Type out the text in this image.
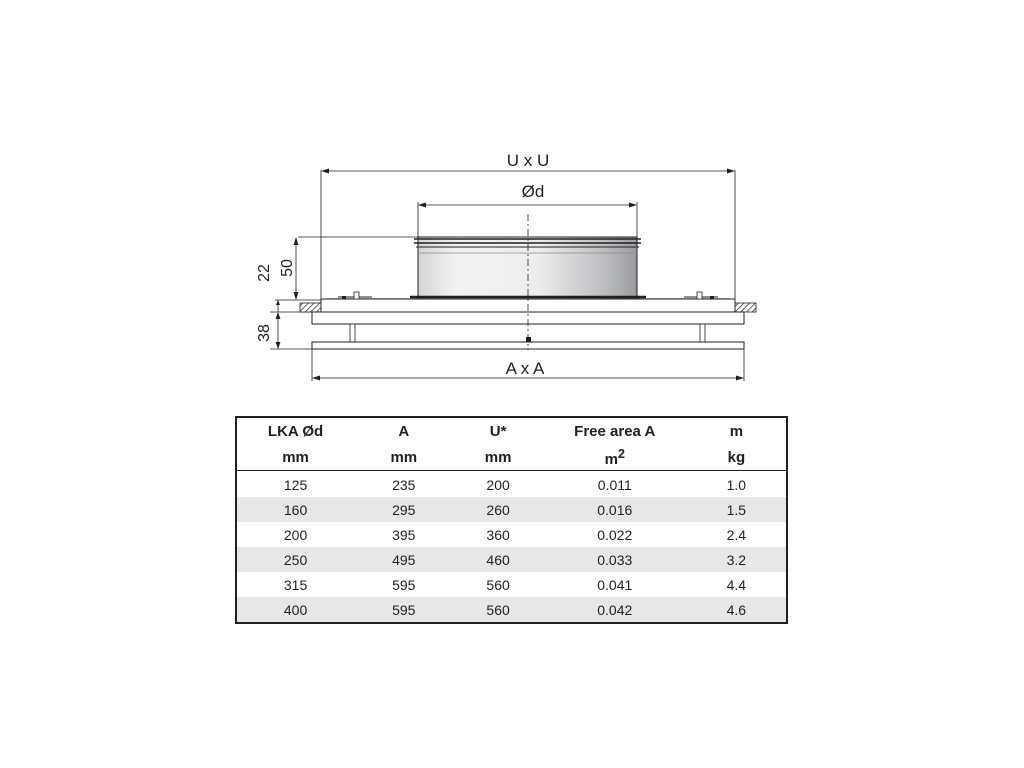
U x U
Ød
22 50
38
A x A
LKA Ød	A	U*	Free area A	m
mm	mm	mm	$m^2$	kg
125	235	200	0.011	1.0
160	295	260	0.016	1.5
200	395	360	0.022	2.4
250	495	460	0.033	3.2
315	595	560	0.041	4.4
400	595	560	0.042	4.6
